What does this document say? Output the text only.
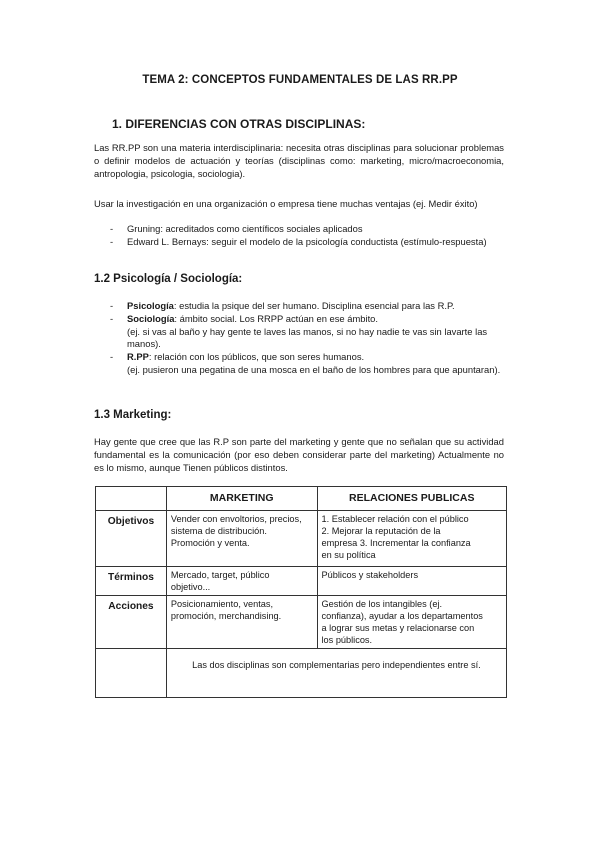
TEMA 2: CONCEPTOS FUNDAMENTALES DE LAS RR.PP
1. DIFERENCIAS CON OTRAS DISCIPLINAS:
Las RR.PP son una materia interdisciplinaria: necesita otras disciplinas para solucionar problemas o definir modelos de actuación y teorías (disciplinas como: marketing, micro/macroeconomia, antropologia, psicologia, sociologia).
Usar la investigación en una organización o empresa tiene muchas ventajas (ej. Medir éxito)
- Gruning: acreditados como científicos sociales aplicados
- Edward L. Bernays: seguir el modelo de la psicología conductista (estímulo-respuesta)
1.2 Psicología / Sociología:
- Psicología: estudia la psique del ser humano. Disciplina esencial para las R.P.
- Sociología: ámbito social. Los RRPP actúan en ese ámbito.
(ej. si vas al baño y hay gente te laves las manos, si no hay nadie te vas sin lavarte las manos).
- R.PP: relación con los públicos, que son seres humanos.
(ej. pusieron una pegatina de una mosca en el baño de los hombres para que apuntaran).
1.3 Marketing:
Hay gente que cree que las R.P son parte del marketing y gente que no señalan que su actividad fundamental es la comunicación (por eso deben considerar parte del marketing) Actualmente no es lo mismo, aunque Tienen públicos distintos.
	MARKETING	RELACIONES PUBLICAS
Objetivos	Vender con envoltorios, precios, sistema de distribución. Promoción y venta.	1. Establecer relación con el público 2. Mejorar la reputación de la empresa 3. Incrementar la confianza en su política
Términos	Mercado, target, público objetivo...	Públicos y stakeholders
Acciones	Posicionamiento, ventas, promoción, merchandising.	Gestión de los intangibles (ej. confianza), ayudar a los departamentos a lograr sus metas y relacionarse con los públicos.
	Las dos disciplinas son complementarias pero independientes entre sí.	
